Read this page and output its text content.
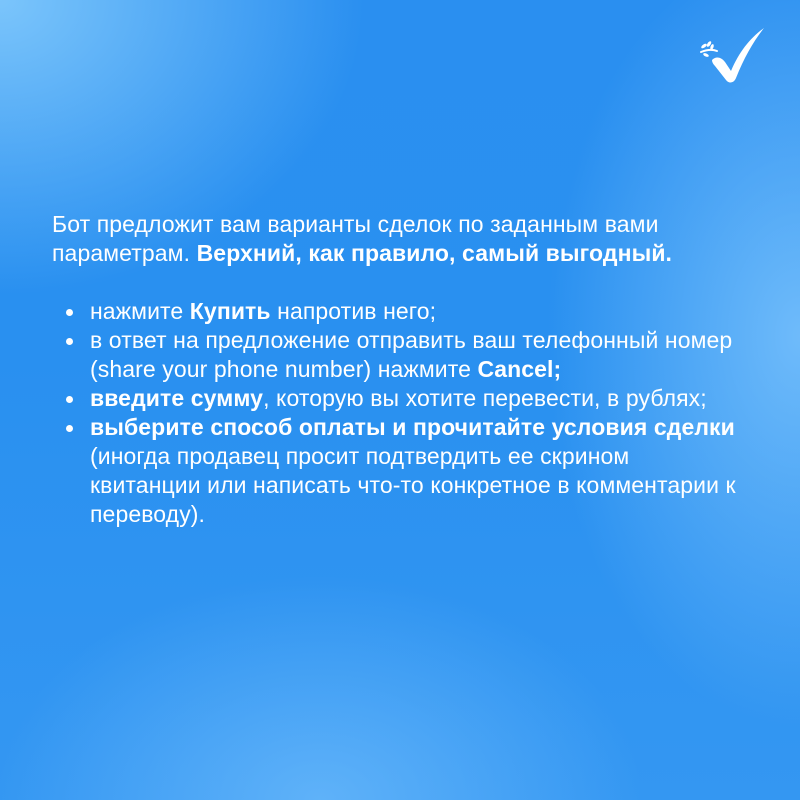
Бот предложит вам варианты сделок по заданным вами параметрам. Верхний, как правило, самый выгодный.

нажмите Купить напротив него;
в ответ на предложение отправить ваш телефонный номер (share your phone number) нажмите Cancel;
введите сумму, которую вы хотите перевести, в рублях;
выберите способ оплаты и прочитайте условия сделки (иногда продавец просит подтвердить ее скрином квитанции или написать что-то конкретное в комментарии к переводу).
